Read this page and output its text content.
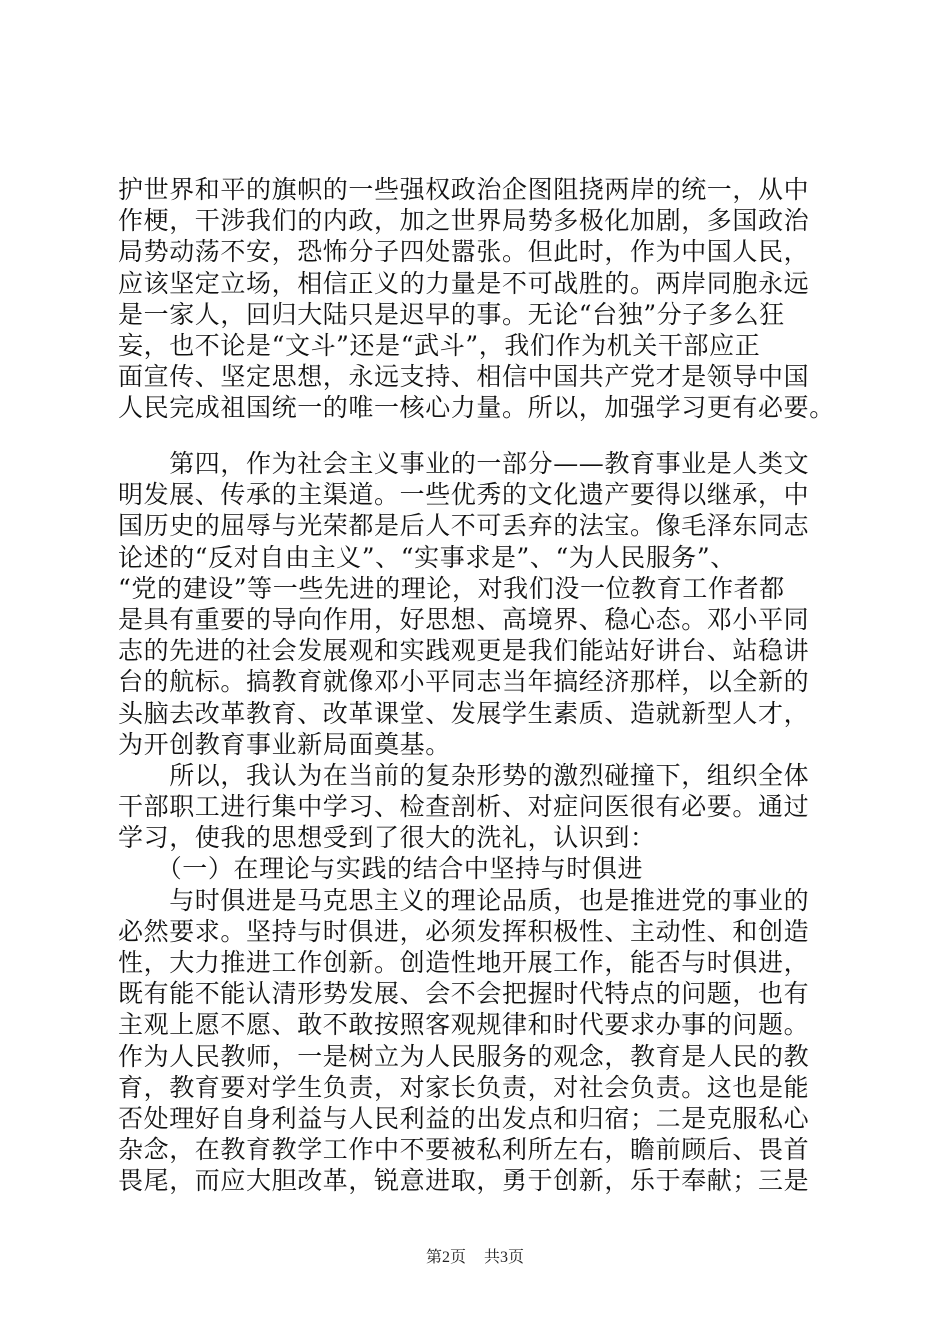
护世界和平的旗帜的一些强权政治企图阻挠两岸的统一，从中
作梗，干涉我们的内政，加之世界局势多极化加剧，多国政治
局势动荡不安，恐怖分子四处嚣张。但此时，作为中国人民，
应该坚定立场，相信正义的力量是不可战胜的。两岸同胞永远
是一家人，回归大陆只是迟早的事。无论“台独”分子多么狂
妄，也不论是“文斗”还是“武斗”，我们作为机关干部应正
面宣传、坚定思想，永远支持、相信中国共产党才是领导中国
人民完成祖国统一的唯一核心力量。所以，加强学习更有必要。
　　第四，作为社会主义事业的一部分——教育事业是人类文
明发展、传承的主渠道。一些优秀的文化遗产要得以继承，中
国历史的屈辱与光荣都是后人不可丢弃的法宝。像毛泽东同志
论述的“反对自由主义”、“实事求是”、“为人民服务”、
“党的建设”等一些先进的理论，对我们没一位教育工作者都
是具有重要的导向作用，好思想、高境界、稳心态。邓小平同
志的先进的社会发展观和实践观更是我们能站好讲台、站稳讲
台的航标。搞教育就像邓小平同志当年搞经济那样，以全新的
头脑去改革教育、改革课堂、发展学生素质、造就新型人才，
为开创教育事业新局面奠基。
　　所以，我认为在当前的复杂形势的激烈碰撞下，组织全体
干部职工进行集中学习、检查剖析、对症问医很有必要。通过
学习，使我的思想受到了很大的洗礼，认识到：
　　（一）在理论与实践的结合中坚持与时俱进
　　与时俱进是马克思主义的理论品质，也是推进党的事业的
必然要求。坚持与时俱进，必须发挥积极性、主动性、和创造
性，大力推进工作创新。创造性地开展工作，能否与时俱进，
既有能不能认清形势发展、会不会把握时代特点的问题，也有
主观上愿不愿、敢不敢按照客观规律和时代要求办事的问题。
作为人民教师，一是树立为人民服务的观念，教育是人民的教
育，教育要对学生负责，对家长负责，对社会负责。这也是能
否处理好自身利益与人民利益的出发点和归宿；二是克服私心
杂念，在教育教学工作中不要被私利所左右，瞻前顾后、畏首
畏尾，而应大胆改革，锐意进取，勇于创新，乐于奉献；三是
第2页 共3页
